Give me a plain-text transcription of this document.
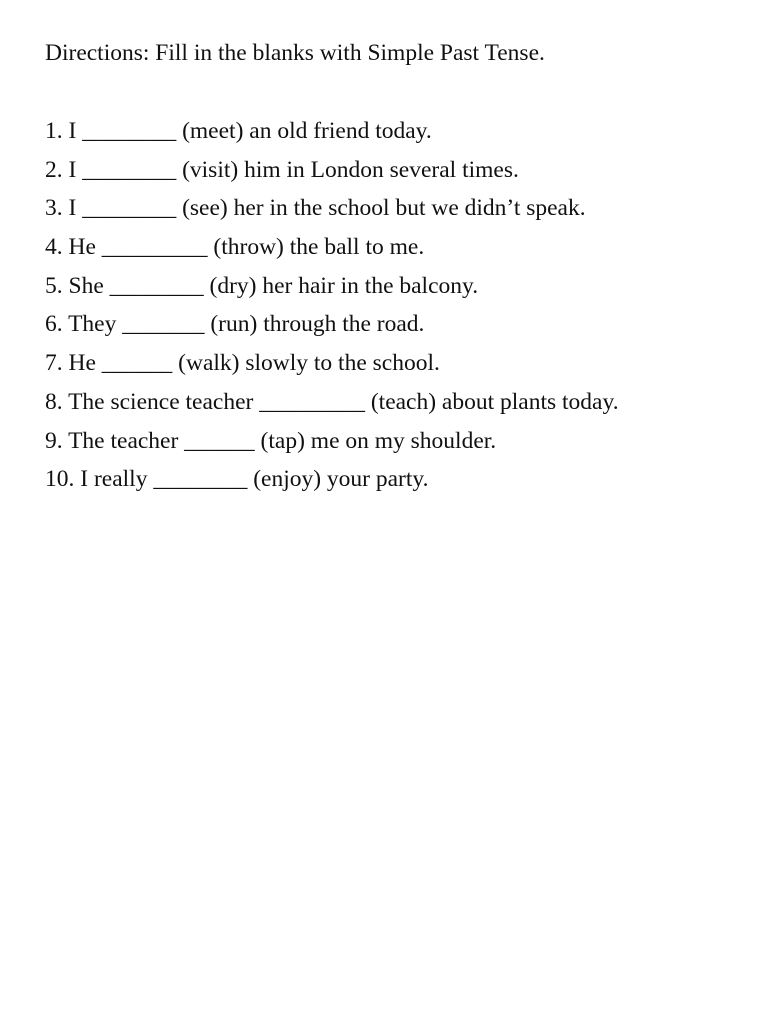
Directions: Fill in the blanks with Simple Past Tense.

1. I ________ (meet) an old friend today.
2. I ________ (visit) him in London several times.
3. I ________ (see) her in the school but we didn’t speak.
4. He _________ (throw) the ball to me.
5. She ________ (dry) her hair in the balcony.
6. They _______ (run) through the road.
7. He ______ (walk) slowly to the school.
8. The science teacher _________ (teach) about plants today.
9. The teacher ______ (tap) me on my shoulder.
10. I really ________ (enjoy) your party.
